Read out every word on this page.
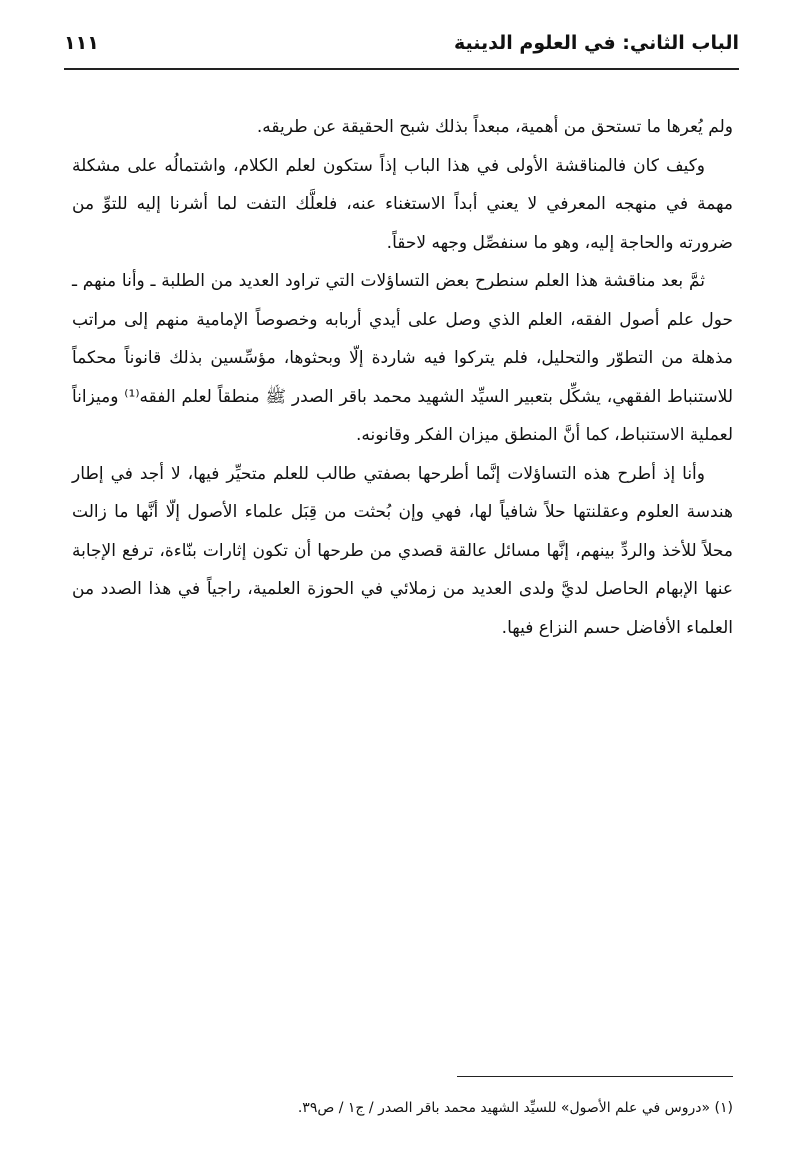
الباب الثاني: في العلوم الدينية
١١١

ولم يُعرها ما تستحق من أهمية، مبعداً بذلك شبح الحقيقة عن طريقه.

وكيف كان فالمناقشة الأولى في هذا الباب إذاً ستكون لعلم الكلام، واشتمالُه على مشكلة مهمة في منهجه المعرفي لا يعني أبداً الاستغناء عنه، فلعلَّك التفت لما أشرنا إليه للتوِّ من ضرورته والحاجة إليه، وهو ما سنفصِّل وجهه لاحقاً.

ثمَّ بعد مناقشة هذا العلم سنطرح بعض التساؤلات التي تراود العديد من الطلبة ـ وأنا منهم ـ حول علم أصول الفقه، العلم الذي وصل على أيدي أربابه وخصوصاً الإمامية منهم إلى مراتب مذهلة من التطوّر والتحليل، فلم يتركوا فيه شاردة إلّا وبحثوها، مؤسِّسين بذلك قانوناً محكماً للاستنباط الفقهي، يشكِّل بتعبير السيِّد الشهيد محمد باقر الصدر ﷺ منطقاً لعلم الفقه⁽¹⁾ وميزاناً لعملية الاستنباط، كما أنَّ المنطق ميزان الفكر وقانونه.

وأنا إذ أطرح هذه التساؤلات إنَّما أطرحها بصفتي طالب للعلم متحيِّر فيها، لا أجد في إطار هندسة العلوم وعقلنتها حلاً شافياً لها، فهي وإن بُحثت من قِبَل علماء الأصول إلّا أنَّها ما زالت محلاً للأخذ والردِّ بينهم، إنَّها مسائل عالقة قصدي من طرحها أن تكون إثارات بنّاءة، ترفع الإجابة عنها الإبهام الحاصل لديَّ ولدى العديد من زملائي في الحوزة العلمية، راجياً في هذا الصدد من العلماء الأفاضل حسم النزاع فيها.

(١) «دروس في علم الأصول» للسيِّد الشهيد محمد باقر الصدر / ج١ / ص٣٩.
